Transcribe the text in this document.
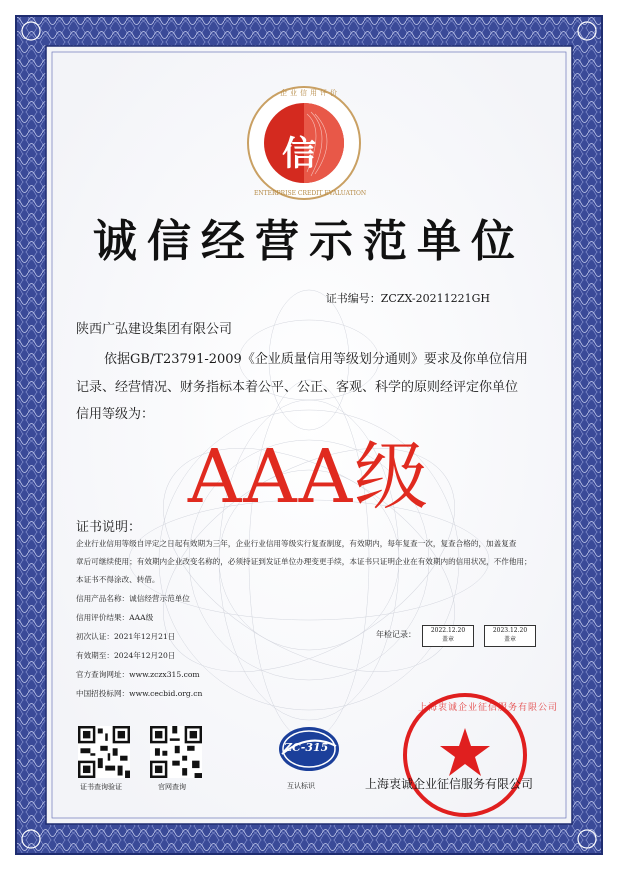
信
企业信用评价
ENTERPRISE CREDIT EVALUATION
诚信经营示范单位
证书编号：ZCZX-20211221GH
陕西广弘建设集团有限公司
依据GB/T23791-2009《企业质量信用等级划分通则》要求及你单位信用
记录、经营情况、财务指标本着公平、公正、客观、科学的原则经评定你单位
信用等级为：
AAA级
证书说明：
企业行业信用等级自评定之日起有效期为三年，企业行业信用等级实行复查制度，有效期内，每年复查一次，复查合格的，加盖复查
章后可继续使用；有效期内企业改变名称的，必须持证到发证单位办理变更手续，本证书只证明企业在有效期内的信用状况，不作他用；
本证书不得涂改、转借。
信用产品名称：诚信经营示范单位
信用评价结果：AAA级
初次认证：2021年12月21日
有效期至：2024年12月20日
官方查询网址：www.zczx315.com
中国招投标网：www.cecbid.org.cn
年检记录：	2022.12.20
盖章
2023.12.20
盖章
证书查询验证	官网查询
ZC-315
互认标识
上海衷诚企业征信服务有限公司
上海衷诚企业征信服务有限公司
